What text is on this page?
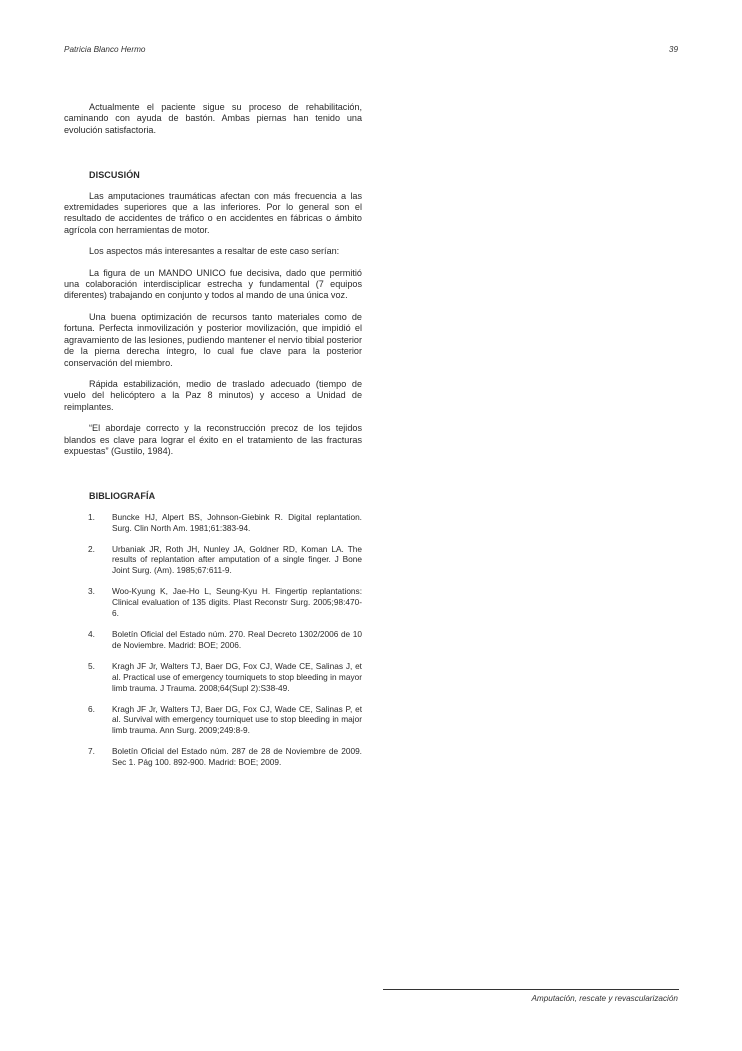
Patricia Blanco Hermo	39

Actualmente el paciente sigue su proceso de rehabilitación, caminando con ayuda de bastón. Ambas piernas han tenido una evolución satisfactoria.

DISCUSIÓN

Las amputaciones traumáticas afectan con más frecuencia a las extremidades superiores que a las inferiores. Por lo general son el resultado de accidentes de tráfico o en accidentes en fábricas o ámbito agrícola con herramientas de motor.

Los aspectos más interesantes a resaltar de este caso serían:

La figura de un MANDO UNICO fue decisiva, dado que permitió una colaboración interdisciplicar estrecha y fundamental (7 equipos diferentes) trabajando en conjunto y todos al mando de una única voz.

Una buena optimización de recursos tanto materiales como de fortuna. Perfecta inmovilización y posterior movilización, que impidió el agravamiento de las lesiones, pudiendo mantener el nervio tibial posterior de la pierna derecha íntegro, lo cual fue clave para la posterior conservación del miembro.

Rápida estabilización, medio de traslado adecuado (tiempo de vuelo del helicóptero a la Paz 8 minutos) y acceso a Unidad de reimplantes.

“El abordaje correcto y la reconstrucción precoz de los tejidos blandos es clave para lograr el éxito en el tratamiento de las fracturas expuestas” (Gustilo, 1984).

BIBLIOGRAFÍA
1.	Buncke HJ, Alpert BS, Johnson-Giebink R. Digital replantation. Surg. Clin North Am. 1981;61:383-94.
2.	Urbaniak JR, Roth JH, Nunley JA, Goldner RD, Koman LA. The results of replantation after amputation of a single finger. J Bone Joint Surg. (Am). 1985;67:611-9.
3.	Woo-Kyung K, Jae-Ho L, Seung-Kyu H. Fingertip replantations: Clinical evaluation of 135 digits. Plast Reconstr Surg. 2005;98:470-6.
4.	Boletín Oficial del Estado núm. 270. Real Decreto 1302/2006 de 10 de Noviembre. Madrid: BOE; 2006.
5.	Kragh JF Jr, Walters TJ, Baer DG, Fox CJ, Wade CE, Salinas J, et al. Practical use of emergency tourniquets to stop bleeding in mayor limb trauma. J Trauma. 2008;64(Supl 2):S38-49.
6.	Kragh JF Jr, Walters TJ, Baer DG, Fox CJ, Wade CE, Salinas P, et al. Survival with emergency tourniquet use to stop bleeding in major limb trauma. Ann Surg. 2009;249:8-9.
7.	Boletín Oficial del Estado núm. 287 de 28 de Noviembre de 2009. Sec 1. Pág 100. 892-900. Madrid: BOE; 2009.
Amputación, rescate y revascularización
